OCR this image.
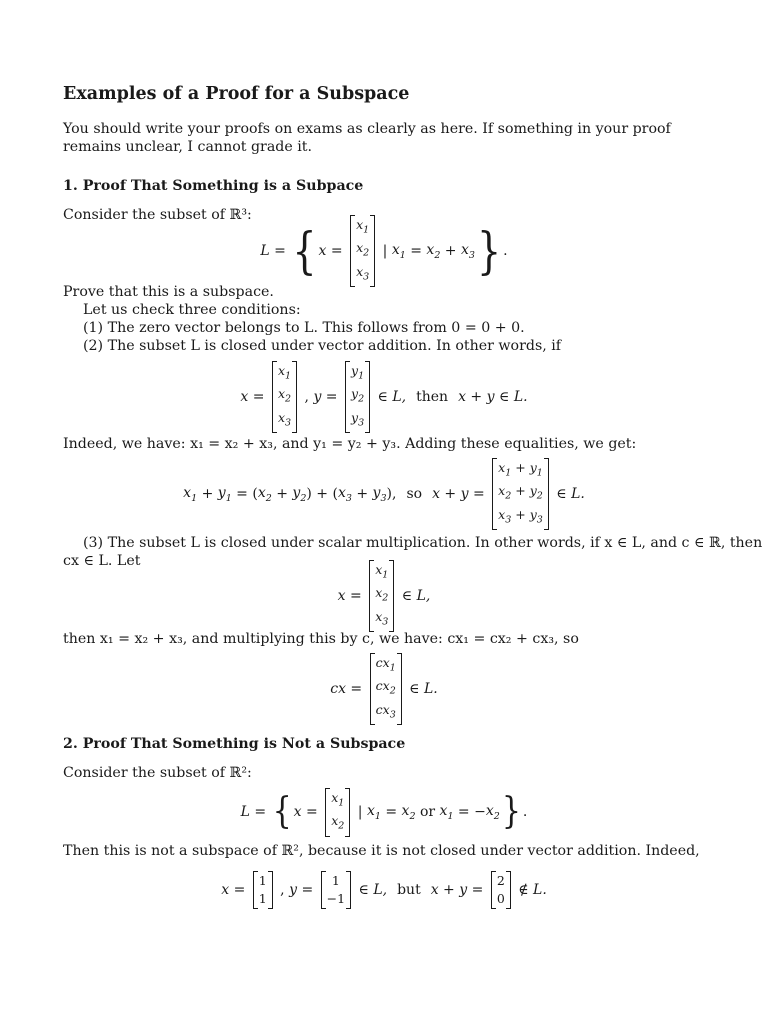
Examples of a Proof for a Subspace
You should write your proofs on exams as clearly as here. If something in your proof remains unclear, I cannot grade it.
1. Proof That Something is a Subpace
Consider the subset of ℝ³:
L = { x =
$x_1$
$x_2$
$x_3$
| $x_1 = x_2 + x_3$ } .
Prove that this is a subspace.
Let us check three conditions:
(1) The zero vector belongs to L. This follows from 0 = 0 + 0.
(2) The subset L is closed under vector addition. In other words, if
x =
$x_1$
$x_2$
$x_3$
, y =
$y_1$
$y_2$
$y_3$
∈ L, then x + y ∈ L.
Indeed, we have: x₁ = x₂ + x₃, and y₁ = y₂ + y₃. Adding these equalities, we get:
$x_1 + y_1$ = ( $x_2 + y_2$ ) + ( $x_3 + y_3$ ), so x + y =
$x_1 + y_1$
$x_2 + y_2$
$x_3 + y_3$
∈ L.
(3) The subset L is closed under scalar multiplication. In other words, if x ∈ L, and c ∈ ℝ, then
cx ∈ L. Let
x =
$x_1$
$x_2$
$x_3$
∈ L,
then x₁ = x₂ + x₃, and multiplying this by c, we have: cx₁ = cx₂ + cx₃, so
cx =
$cx_1$
$cx_2$
$cx_3$
∈ L.
2. Proof That Something is Not a Subspace
Consider the subset of ℝ²:
L = { x =
$x_1$
$x_2$
| $x_1 = x_2$ or $x_1$ = − $x_2$ } .
Then this is not a subspace of ℝ², because it is not closed under vector addition. Indeed,
x =
1
1
, y =
1
−1
∈ L, but x + y =
2
0
∉ L.
